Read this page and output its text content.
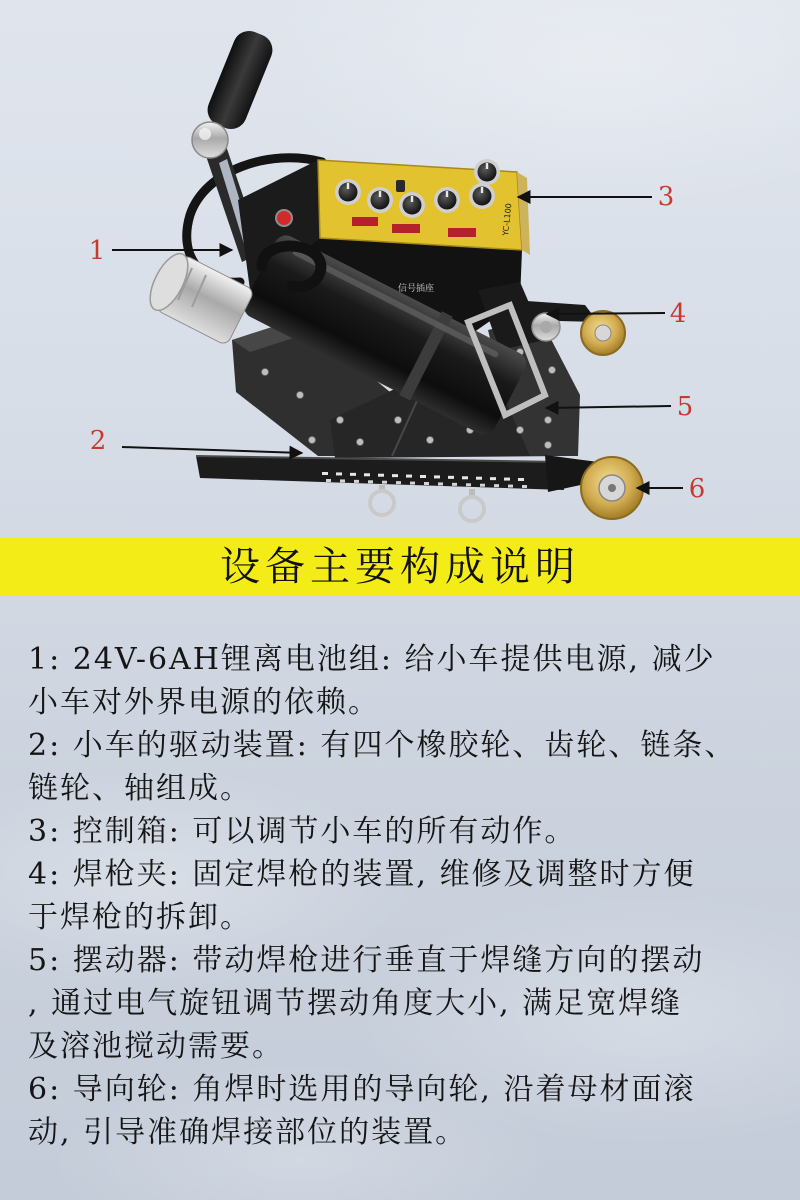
YC-L100
信号插座
1
2
3
4
5
6
设备主要构成说明
1: 24V-6AH锂离电池组: 给小车提供电源, 减少
小车对外界电源的依赖。
2: 小车的驱动装置: 有四个橡胶轮、齿轮、链条、
链轮、轴组成。
3: 控制箱: 可以调节小车的所有动作。
4: 焊枪夹: 固定焊枪的装置, 维修及调整时方便
于焊枪的拆卸。
5: 摆动器: 带动焊枪进行垂直于焊缝方向的摆动
, 通过电气旋钮调节摆动角度大小, 满足宽焊缝
及溶池搅动需要。
6: 导向轮: 角焊时选用的导向轮, 沿着母材面滚
动, 引导准确焊接部位的装置。
